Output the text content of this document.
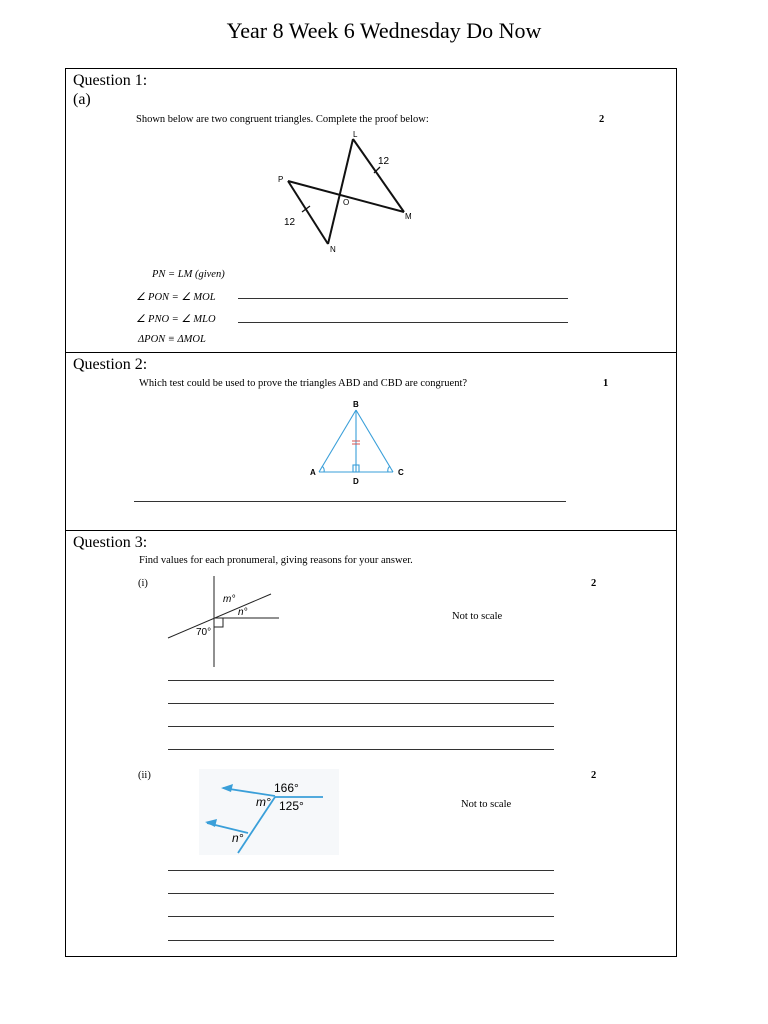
Year 8 Week 6 Wednesday Do Now
Question 1:
(a)
Shown below are two congruent triangles. Complete the proof below:	2
L
P
O
M
N
12
12
PN = LM (given)
∠ PON = ∠ MOL
∠ PNO = ∠ MLO
ΔPON ≡ ΔMOL
Question 2:
Which test could be used to prove the triangles ABD and CBD are congruent?	1
B
A
D
C
Question 3:
Find values for each pronumeral, giving reasons for your answer.
(i)	2
m°
n°
70°
Not to scale
(ii)	2
166°
m° 125°
n°
Not to scale
